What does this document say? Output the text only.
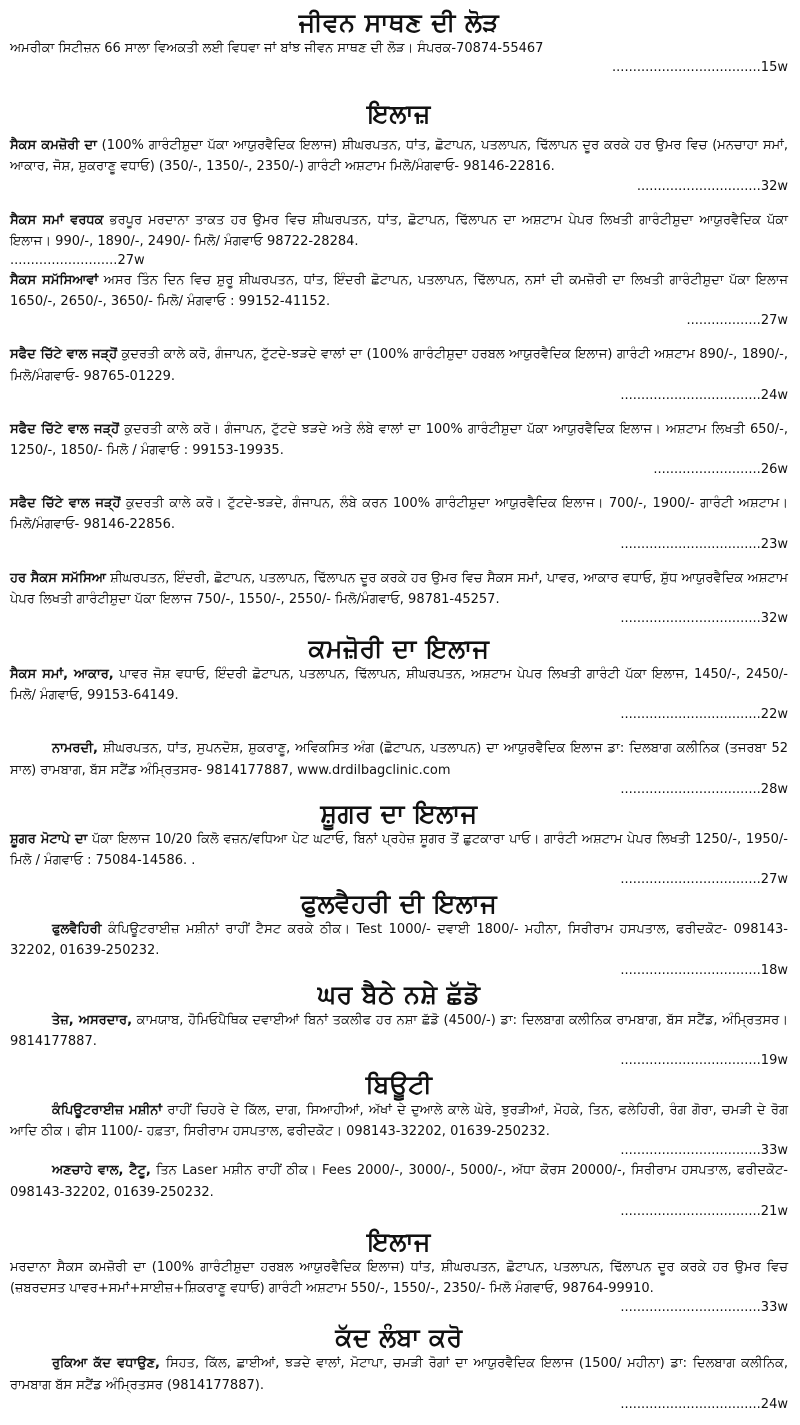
ਜੀਵਨ ਸਾਥਣ ਦੀ ਲੋੜ

ਅਮਰੀਕਾ ਸਿਟੀਜ਼ਨ 66 ਸਾਲਾ ਵਿਅਕਤੀ ਲਈ ਵਿਧਵਾ ਜਾਂ ਬਾਂਝ ਜੀਵਨ ਸਾਥਣ ਦੀ ਲੋੜ। ਸੰਪਰਕ-70874-55467

....................................15w
ਇਲਾਜ਼

ਸੈਕਸ ਕਮਜ਼ੋਰੀ ਦਾ (100% ਗਾਰੰਟੀਸ਼ੁਦਾ ਪੱਕਾ ਆਯੁਰਵੈਦਿਕ ਇਲਾਜ) ਸ਼ੀਘਰਪਤਨ, ਧਾਂਤ, ਛੋਟਾਪਨ, ਪਤਲਾਪਨ, ਢਿੱਲਾਪਨ ਦੂਰ ਕਰਕੇ ਹਰ ਉਮਰ ਵਿਚ (ਮਨਚਾਹਾ ਸਮਾਂ, ਆਕਾਰ, ਜੋਸ਼, ਸ਼ੁਕਰਾਣੂ ਵਧਾਓ) (350/-, 1350/-, 2350/-) ਗਾਰੰਟੀ ਅਸ਼ਟਾਮ ਮਿਲੋ/ਮੰਗਵਾਓ- 98146-22816.

..............................32w

ਸੈਕਸ ਸਮਾਂ ਵਰਧਕ ਭਰਪੂਰ ਮਰਦਾਨਾ ਤਾਕਤ ਹਰ ਉਮਰ ਵਿਚ ਸ਼ੀਘਰਪਤਨ, ਧਾਂਤ, ਛੋਟਾਪਨ, ਢਿੱਲਾਪਨ ਦਾ ਅਸ਼ਟਾਮ ਪੇਪਰ ਲਿਖਤੀ ਗਾਰੰਟੀਸ਼ੁਦਾ ਆਯੁਰਵੈਦਿਕ ਪੱਕਾ ਇਲਾਜ। 990/-, 1890/-, 2490/- ਮਿਲੋ/ ਮੰਗਵਾਓ 98722-28284.

..........................27w

ਸੈਕਸ ਸਮੱਸਿਆਵਾਂ ਅਸਰ ਤਿੰਨ ਦਿਨ ਵਿਚ ਸ਼ੁਰੂ ਸ਼ੀਘਰਪਤਨ, ਧਾਂਤ, ਇੰਦਰੀ ਛੋਟਾਪਨ, ਪਤਲਾਪਨ, ਢਿੱਲਾਪਨ, ਨਸਾਂ ਦੀ ਕਮਜ਼ੋਰੀ ਦਾ ਲਿਖਤੀ ਗਾਰੰਟੀਸ਼ੁਦਾ ਪੱਕਾ ਇਲਾਜ 1650/-, 2650/-, 3650/- ਮਿਲੋ/ ਮੰਗਵਾਓ : 99152-41152.

..................27w

ਸਫੈਦ ਚਿੱਟੇ ਵਾਲ ਜੜ੍ਹੋਂ ਕੁਦਰਤੀ ਕਾਲੇ ਕਰੋ, ਗੰਜਾਪਨ, ਟੁੱਟਦੇ-ਝੜਦੇ ਵਾਲਾਂ ਦਾ (100% ਗਾਰੰਟੀਸ਼ੁਦਾ ਹਰਬਲ ਆਯੁਰਵੈਦਿਕ ਇਲਾਜ) ਗਾਰੰਟੀ ਅਸ਼ਟਾਮ 890/-, 1890/-, ਮਿਲੋ/ਮੰਗਵਾਓ- 98765-01229.

..................................24w

ਸਫੈਦ ਚਿੱਟੇ ਵਾਲ ਜੜ੍ਹੋਂ ਕੁਦਰਤੀ ਕਾਲੇ ਕਰੋ। ਗੰਜਾਪਨ, ਟੁੱਟਦੇ ਝੜਦੇ ਅਤੇ ਲੰਬੇ ਵਾਲਾਂ ਦਾ 100% ਗਾਰੰਟੀਸ਼ੁਦਾ ਪੱਕਾ ਆਯੁਰਵੈਦਿਕ ਇਲਾਜ। ਅਸ਼ਟਾਮ ਲਿਖਤੀ 650/-, 1250/-, 1850/- ਮਿਲੋ / ਮੰਗਵਾਓ : 99153-19935.

..........................26w

ਸਫੈਦ ਚਿੱਟੇ ਵਾਲ ਜੜ੍ਹੋਂ ਕੁਦਰਤੀ ਕਾਲੇ ਕਰੋ। ਟੁੱਟਦੇ-ਝੜਦੇ, ਗੰਜਾਪਨ, ਲੰਬੇ ਕਰਨ 100% ਗਾਰੰਟੀਸ਼ੁਦਾ ਆਯੁਰਵੈਦਿਕ ਇਲਾਜ। 700/-, 1900/- ਗਾਰੰਟੀ ਅਸ਼ਟਾਮ। ਮਿਲੋ/ਮੰਗਵਾਓ- 98146-22856.

..................................23w

ਹਰ ਸੈਕਸ ਸਮੱਸਿਆ ਸ਼ੀਘਰਪਤਨ, ਇੰਦਰੀ, ਛੋਟਾਪਨ, ਪਤਲਾਪਨ, ਢਿੱਲਾਪਨ ਦੂਰ ਕਰਕੇ ਹਰ ਉਮਰ ਵਿਚ ਸੈਕਸ ਸਮਾਂ, ਪਾਵਰ, ਆਕਾਰ ਵਧਾਓ, ਸ਼ੁੱਧ ਆਯੁਰਵੈਦਿਕ ਅਸ਼ਟਾਮ ਪੇਪਰ ਲਿਖਤੀ ਗਾਰੰਟੀਸ਼ੁਦਾ ਪੱਕਾ ਇਲਾਜ 750/-, 1550/-, 2550/- ਮਿਲੋ/ਮੰਗਵਾਓ, 98781-45257.

..................................32w
ਕਮਜ਼ੋਰੀ ਦਾ ਇਲਾਜ

ਸੈਕਸ ਸਮਾਂ, ਆਕਾਰ, ਪਾਵਰ ਜੋਸ਼ ਵਧਾਓ, ਇੰਦਰੀ ਛੋਟਾਪਨ, ਪਤਲਾਪਨ, ਢਿੱਲਾਪਨ, ਸ਼ੀਘਰਪਤਨ, ਅਸ਼ਟਾਮ ਪੇਪਰ ਲਿਖਤੀ ਗਾਰੰਟੀ ਪੱਕਾ ਇਲਾਜ, 1450/-, 2450/- ਮਿਲੋ/ ਮੰਗਵਾਓ, 99153-64149.

..................................22w

ਨਾਮਰਦੀ, ਸ਼ੀਘਰਪਤਨ, ਧਾਂਤ, ਸੁਪਨਦੋਸ਼, ਸ਼ੁਕਰਾਣੂ, ਅਵਿਕਸਿਤ ਅੰਗ (ਛੋਟਾਪਨ, ਪਤਲਾਪਨ) ਦਾ ਆਯੁਰਵੈਦਿਕ ਇਲਾਜ ਡਾ: ਦਿਲਬਾਗ ਕਲੀਨਿਕ (ਤਜਰਬਾ 52 ਸਾਲ) ਰਾਮਬਾਗ, ਬੱਸ ਸਟੈਂਡ ਅੰਮ੍ਰਿਤਸਰ- 9814177887, www.drdilbagclinic.com

..................................28w
ਸ਼ੂਗਰ ਦਾ ਇਲਾਜ

ਸ਼ੂਗਰ ਮੋਟਾਪੇ ਦਾ ਪੱਕਾ ਇਲਾਜ 10/20 ਕਿਲੋ ਵਜ਼ਨ/ਵਧਿਆ ਪੇਟ ਘਟਾਓ, ਬਿਨਾਂ ਪ੍ਰਹੇਜ਼ ਸ਼ੂਗਰ ਤੋਂ ਛੁਟਕਾਰਾ ਪਾਓ। ਗਾਰੰਟੀ ਅਸ਼ਟਾਮ ਪੇਪਰ ਲਿਖਤੀ 1250/-, 1950/- ਮਿਲੋ / ਮੰਗਵਾਓ : 75084-14586. .

..................................27w
ਫੁਲਵੈਹਰੀ ਦੀ ਇਲਾਜ

ਫੁਲਵੈਹਿਰੀ ਕੰਪਿਊਟਰਾਈਜ਼ ਮਸ਼ੀਨਾਂ ਰਾਹੀਂ ਟੈਸਟ ਕਰਕੇ ਠੀਕ। Test 1000/- ਦਵਾਈ 1800/- ਮਹੀਨਾ, ਸਿਰੀਰਾਮ ਹਸਪਤਾਲ, ਫਰੀਦਕੋਟ- 098143-32202, 01639-250232.

..................................18w
ਘਰ ਬੈਠੇ ਨਸ਼ੇ ਛੱਡੋ

ਤੇਜ਼, ਅਸਰਦਾਰ, ਕਾਮਯਾਬ, ਹੋਮਿਓਪੈਥਿਕ ਦਵਾਈਆਂ ਬਿਨਾਂ ਤਕਲੀਫ ਹਰ ਨਸ਼ਾ ਛੱਡੋ (4500/-) ਡਾ: ਦਿਲਬਾਗ ਕਲੀਨਿਕ ਰਾਮਬਾਗ, ਬੱਸ ਸਟੈਂਡ, ਅੰਮ੍ਰਿਤਸਰ। 9814177887.

..................................19w
ਬਿਊਟੀ

ਕੰਪਿਊਟਰਾਈਜ਼ ਮਸ਼ੀਨਾਂ ਰਾਹੀਂ ਚਿਹਰੇ ਦੇ ਕਿੱਲ, ਦਾਗ, ਸਿਆਹੀਆਂ, ਅੱਖਾਂ ਦੇ ਦੁਆਲੇ ਕਾਲੇ ਘੇਰੇ, ਝੁਰੜੀਆਂ, ਮੋਹਕੇ, ਤਿਨ, ਫਲੇਹਿਰੀ, ਰੰਗ ਗੋਰਾ, ਚਮੜੀ ਦੇ ਰੋਗ ਆਦਿ ਠੀਕ। ਫੀਸ 1100/- ਹਫ਼ਤਾ, ਸਿਰੀਰਾਮ ਹਸਪਤਾਲ, ਫਰੀਦਕੋਟ। 098143-32202, 01639-250232.

..................................33w

ਅਣਚਾਹੇ ਵਾਲ, ਟੈਟੂ, ਤਿਨ Laser ਮਸ਼ੀਨ ਰਾਹੀਂ ਠੀਕ। Fees 2000/-, 3000/-, 5000/-, ਅੱਧਾ ਕੋਰਸ 20000/-, ਸਿਰੀਰਾਮ ਹਸਪਤਾਲ, ਫਰੀਦਕੋਟ- 098143-32202, 01639-250232.

..................................21w
ਇਲਾਜ

ਮਰਦਾਨਾ ਸੈਕਸ ਕਮਜ਼ੋਰੀ ਦਾ (100% ਗਾਰੰਟੀਸ਼ੁਦਾ ਹਰਬਲ ਆਯੁਰਵੈਦਿਕ ਇਲਾਜ) ਧਾਂਤ, ਸ਼ੀਘਰਪਤਨ, ਛੋਟਾਪਨ, ਪਤਲਾਪਨ, ਢਿੱਲਾਪਨ ਦੂਰ ਕਰਕੇ ਹਰ ਉਮਰ ਵਿਚ (ਜ਼ਬਰਦਸਤ ਪਾਵਰ+ਸਮਾਂ+ਸਾਈਜ਼+ਸ਼ਿਕਰਾਣੂ ਵਧਾਓ) ਗਾਰੰਟੀ ਅਸ਼ਟਾਮ 550/-, 1550/-, 2350/- ਮਿਲੋ ਮੰਗਵਾਓ, 98764-99910.

..................................33w
ਕੱਦ ਲੰਬਾ ਕਰੋ

ਰੁਕਿਆ ਕੱਦ ਵਧਾਉਣ, ਸਿਹਤ, ਕਿੱਲ, ਛਾਈਆਂ, ਝੜਦੇ ਵਾਲਾਂ, ਮੋਟਾਪਾ, ਚਮੜੀ ਰੋਗਾਂ ਦਾ ਆਯੁਰਵੈਦਿਕ ਇਲਾਜ (1500/ ਮਹੀਨਾ) ਡਾ: ਦਿਲਬਾਗ ਕਲੀਨਿਕ, ਰਾਮਬਾਗ ਬੱਸ ਸਟੈਂਡ ਅੰਮ੍ਰਿਤਸਰ (9814177887).

..................................24w
